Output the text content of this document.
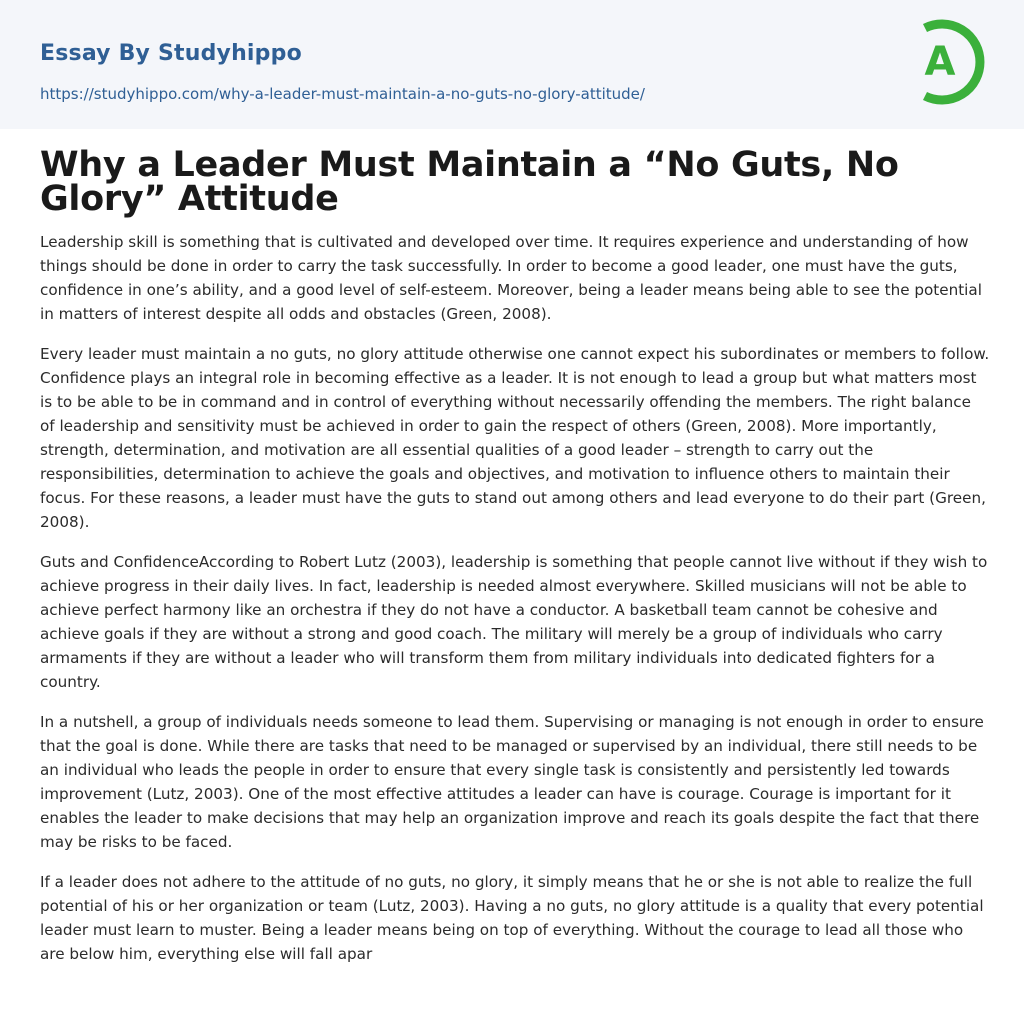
Essay By Studyhippo
https://studyhippo.com/why-a-leader-must-maintain-a-no-guts-no-glory-attitude/
A
Why a Leader Must Maintain a “No Guts, No Glory” Attitude

Leadership skill is something that is cultivated and developed over time. It requires experience and understanding of how things should be done in order to carry the task successfully. In order to become a good leader, one must have the guts, confidence in one’s ability, and a good level of self-esteem. Moreover, being a leader means being able to see the potential in matters of interest despite all odds and obstacles (Green, 2008).

Every leader must maintain a no guts, no glory attitude otherwise one cannot expect his subordinates or members to follow. Confidence plays an integral role in becoming effective as a leader. It is not enough to lead a group but what matters most is to be able to be in command and in control of everything without necessarily offending the members. The right balance of leadership and sensitivity must be achieved in order to gain the respect of others (Green, 2008). More importantly, strength, determination, and motivation are all essential qualities of a good leader – strength to carry out the responsibilities, determination to achieve the goals and objectives, and motivation to influence others to maintain their focus. For these reasons, a leader must have the guts to stand out among others and lead everyone to do their part (Green, 2008).

Guts and ConfidenceAccording to Robert Lutz (2003), leadership is something that people cannot live without if they wish to achieve progress in their daily lives. In fact, leadership is needed almost everywhere. Skilled musicians will not be able to achieve perfect harmony like an orchestra if they do not have a conductor. A basketball team cannot be cohesive and achieve goals if they are without a strong and good coach. The military will merely be a group of individuals who carry armaments if they are without a leader who will transform them from military individuals into dedicated fighters for a country.

In a nutshell, a group of individuals needs someone to lead them. Supervising or managing is not enough in order to ensure that the goal is done. While there are tasks that need to be managed or supervised by an individual, there still needs to be an individual who leads the people in order to ensure that every single task is consistently and persistently led towards improvement (Lutz, 2003). One of the most effective attitudes a leader can have is courage. Courage is important for it enables the leader to make decisions that may help an organization improve and reach its goals despite the fact that there may be risks to be faced.

If a leader does not adhere to the attitude of no guts, no glory, it simply means that he or she is not able to realize the full potential of his or her organization or team (Lutz, 2003). Having a no guts, no glory attitude is a quality that every potential leader must learn to muster. Being a leader means being on top of everything. Without the courage to lead all those who are below him, everything else will fall apar
